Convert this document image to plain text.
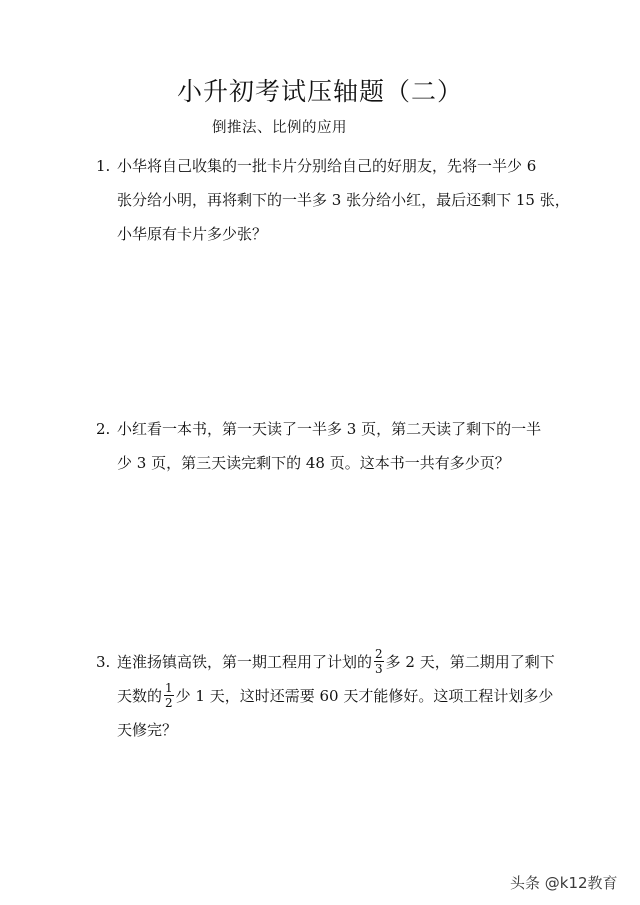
小升初考试压轴题（二）
倒推法、比例的应用
1. 小华将自己收集的一批卡片分别给自己的好朋友，先将一半少 6
张分给小明，再将剩下的一半多 3 张分给小红，最后还剩下 15 张，
小华原有卡片多少张？
2. 小红看一本书，第一天读了一半多 3 页，第二天读了剩下的一半
少 3 页，第三天读完剩下的 48 页。这本书一共有多少页？
3. 连淮扬镇高铁，第一期工程用了计划的 $\frac{2}{3}$ 多 2 天，第二期用了剩下
天数的 $\frac{1}{2}$ 少 1 天，这时还需要 60 天才能修好。这项工程计划多少
天修完？
头条 @k12教育
